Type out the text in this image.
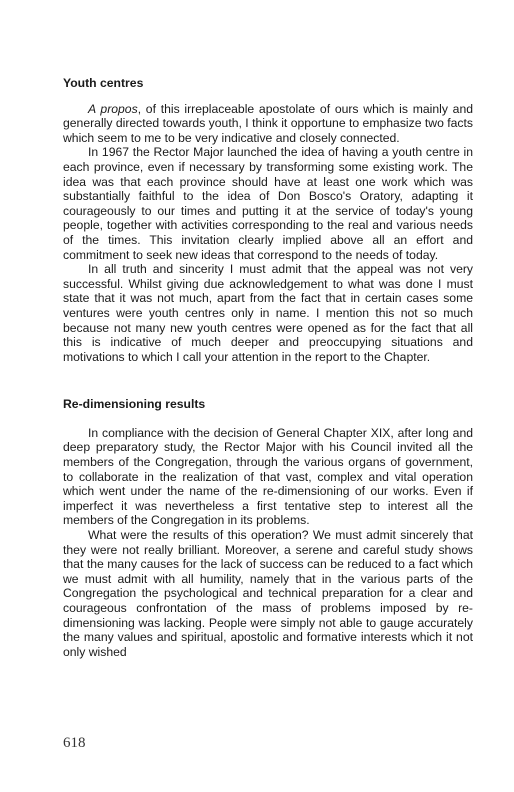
Youth centres

A propos, of this irreplaceable apostolate of ours which is mainly and generally directed towards youth, I think it opportune to emphasize two facts which seem to me to be very indicative and closely connected.

In 1967 the Rector Major launched the idea of having a youth centre in each province, even if necessary by transforming some existing work. The idea was that each province should have at least one work which was substantially faithful to the idea of Don Bosco's Oratory, adapting it courageously to our times and putting it at the service of today's young people, together with activities corresponding to the real and various needs of the times. This invitation clearly implied above all an effort and commitment to seek new ideas that correspond to the needs of today.

In all truth and sincerity I must admit that the appeal was not very successful. Whilst giving due acknowledgement to what was done I must state that it was not much, apart from the fact that in certain cases some ventures were youth centres only in name. I mention this not so much because not many new youth centres were opened as for the fact that all this is indicative of much deeper and preoccupying situations and motivations to which I call your attention in the report to the Chapter.

Re-dimensioning results

In compliance with the decision of General Chapter XIX, after long and deep preparatory study, the Rector Major with his Council invited all the members of the Congregation, through the various organs of government, to collaborate in the realization of that vast, complex and vital operation which went under the name of the re-dimensioning of our works. Even if imperfect it was nevertheless a first tentative step to interest all the members of the Congregation in its problems.

What were the results of this operation? We must admit sincerely that they were not really brilliant. Moreover, a serene and careful study shows that the many causes for the lack of success can be reduced to a fact which we must admit with all humility, namely that in the various parts of the Congregation the psychological and technical preparation for a clear and courageous confrontation of the mass of problems imposed by re-dimensioning was lacking. People were simply not able to gauge accurately the many values and spiritual, apostolic and formative interests which it not only wished

618
